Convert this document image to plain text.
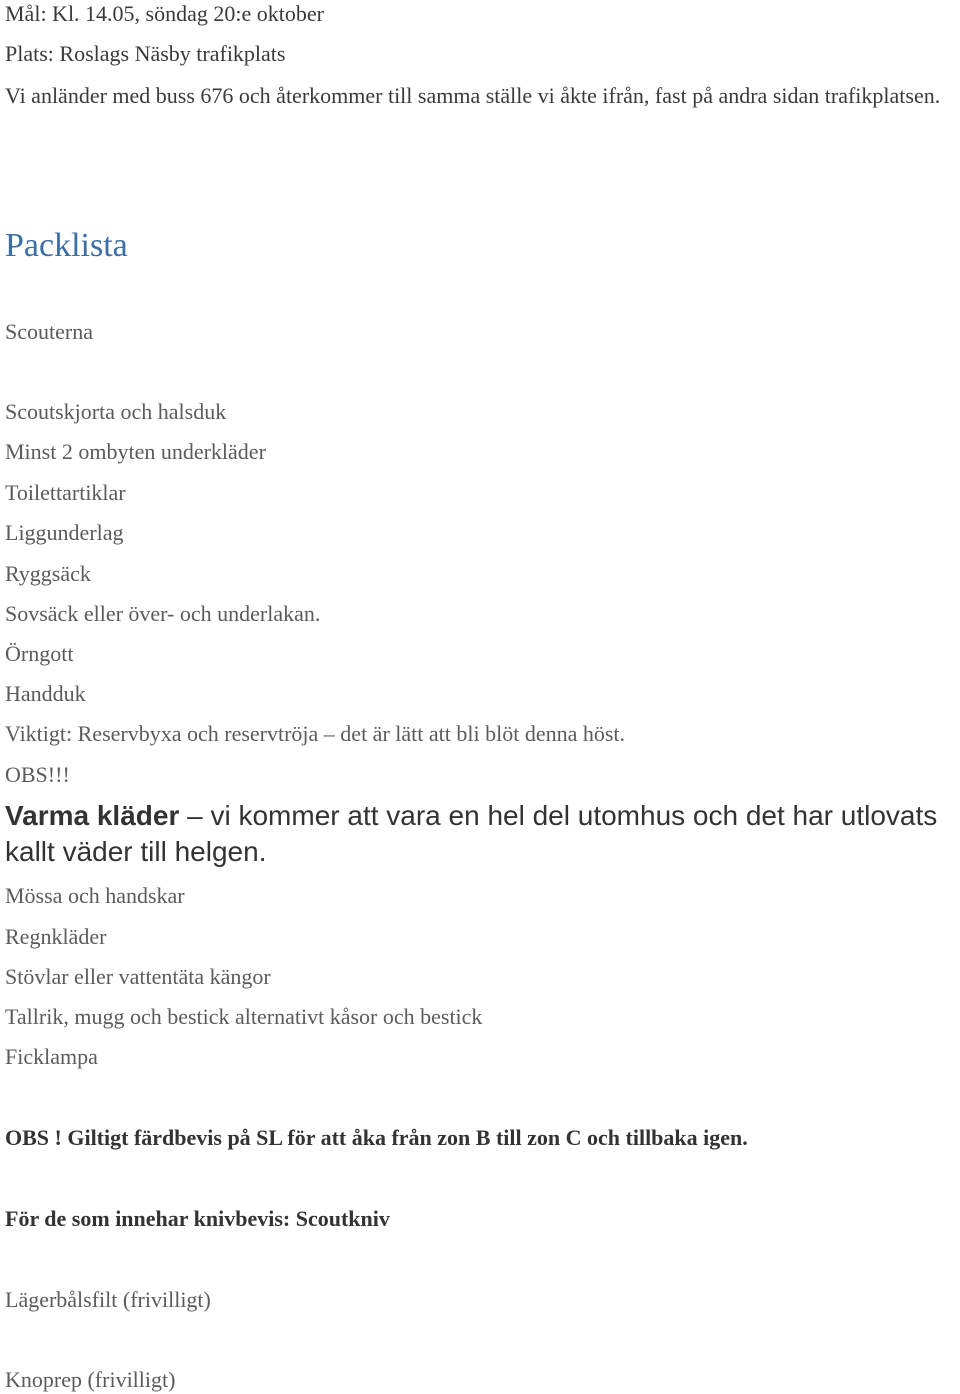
Mål: Kl. 14.05, söndag 20:e oktober
Plats: Roslags Näsby trafikplats
Vi anländer med buss 676 och återkommer till samma ställe vi åkte ifrån, fast på andra sidan trafikplatsen.
Packlista
Scouterna
Scoutskjorta och halsduk
Minst 2 ombyten underkläder
Toilettartiklar
Liggunderlag
Ryggsäck
Sovsäck eller över- och underlakan.
Örngott
Handduk
Viktigt: Reservbyxa och reservtröja – det är lätt att bli blöt denna höst.
OBS!!!
Varma kläder – vi kommer att vara en hel del utomhus och det har utlovats kallt väder till helgen.
Mössa och handskar
Regnkläder
Stövlar eller vattentäta kängor
Tallrik, mugg och bestick alternativt kåsor och bestick
Ficklampa
OBS ! Giltigt färdbevis på SL för att åka från zon B till zon C och tillbaka igen.
För de som innehar knivbevis: Scoutkniv
Lägerbålsfilt (frivilligt)
Knoprep (frivilligt)
